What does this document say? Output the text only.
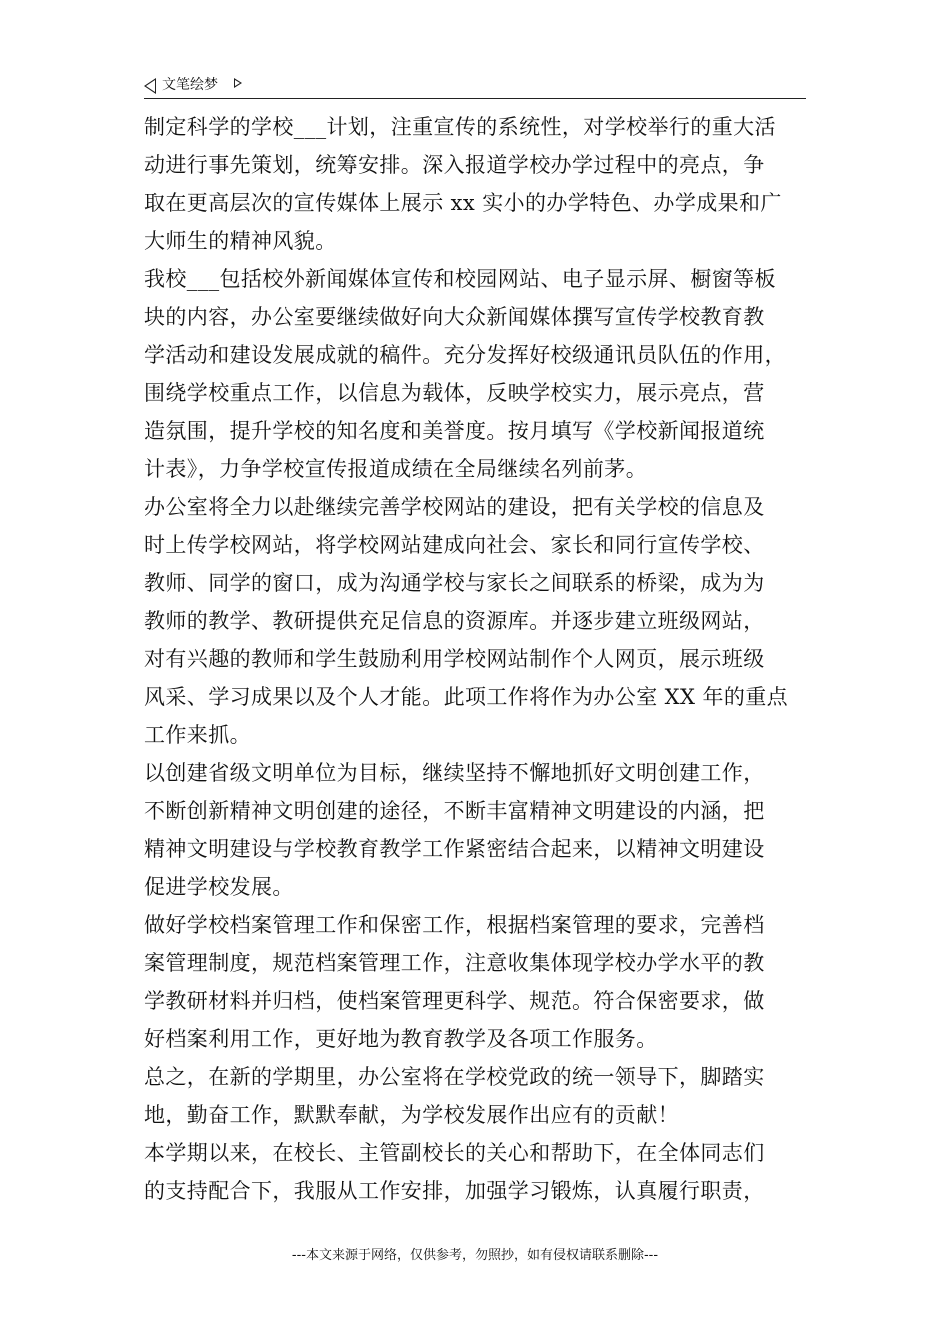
文笔绘梦
制定科学的学校___计划，注重宣传的系统性，对学校举行的重大活
动进行事先策划，统筹安排。深入报道学校办学过程中的亮点，争
取在更高层次的宣传媒体上展示 xx 实小的办学特色、办学成果和广
大师生的精神风貌。
我校___包括校外新闻媒体宣传和校园网站、电子显示屏、橱窗等板
块的内容，办公室要继续做好向大众新闻媒体撰写宣传学校教育教
学活动和建设发展成就的稿件。充分发挥好校级通讯员队伍的作用，
围绕学校重点工作，以信息为载体，反映学校实力，展示亮点，营
造氛围，提升学校的知名度和美誉度。按月填写《学校新闻报道统
计表》，力争学校宣传报道成绩在全局继续名列前茅。
办公室将全力以赴继续完善学校网站的建设，把有关学校的信息及
时上传学校网站，将学校网站建成向社会、家长和同行宣传学校、
教师、同学的窗口，成为沟通学校与家长之间联系的桥梁，成为为
教师的教学、教研提供充足信息的资源库。并逐步建立班级网站，
对有兴趣的教师和学生鼓励利用学校网站制作个人网页，展示班级
风采、学习成果以及个人才能。此项工作将作为办公室 XX 年的重点
工作来抓。
以创建省级文明单位为目标，继续坚持不懈地抓好文明创建工作，
不断创新精神文明创建的途径，不断丰富精神文明建设的内涵，把
精神文明建设与学校教育教学工作紧密结合起来，以精神文明建设
促进学校发展。
做好学校档案管理工作和保密工作，根据档案管理的要求，完善档
案管理制度，规范档案管理工作，注意收集体现学校办学水平的教
学教研材料并归档，使档案管理更科学、规范。符合保密要求，做
好档案利用工作，更好地为教育教学及各项工作服务。
总之，在新的学期里，办公室将在学校党政的统一领导下，脚踏实
地，勤奋工作，默默奉献，为学校发展作出应有的贡献！
本学期以来，在校长、主管副校长的关心和帮助下，在全体同志们
的支持配合下，我服从工作安排，加强学习锻炼，认真履行职责，
---本文来源于网络，仅供参考，勿照抄，如有侵权请联系删除---
